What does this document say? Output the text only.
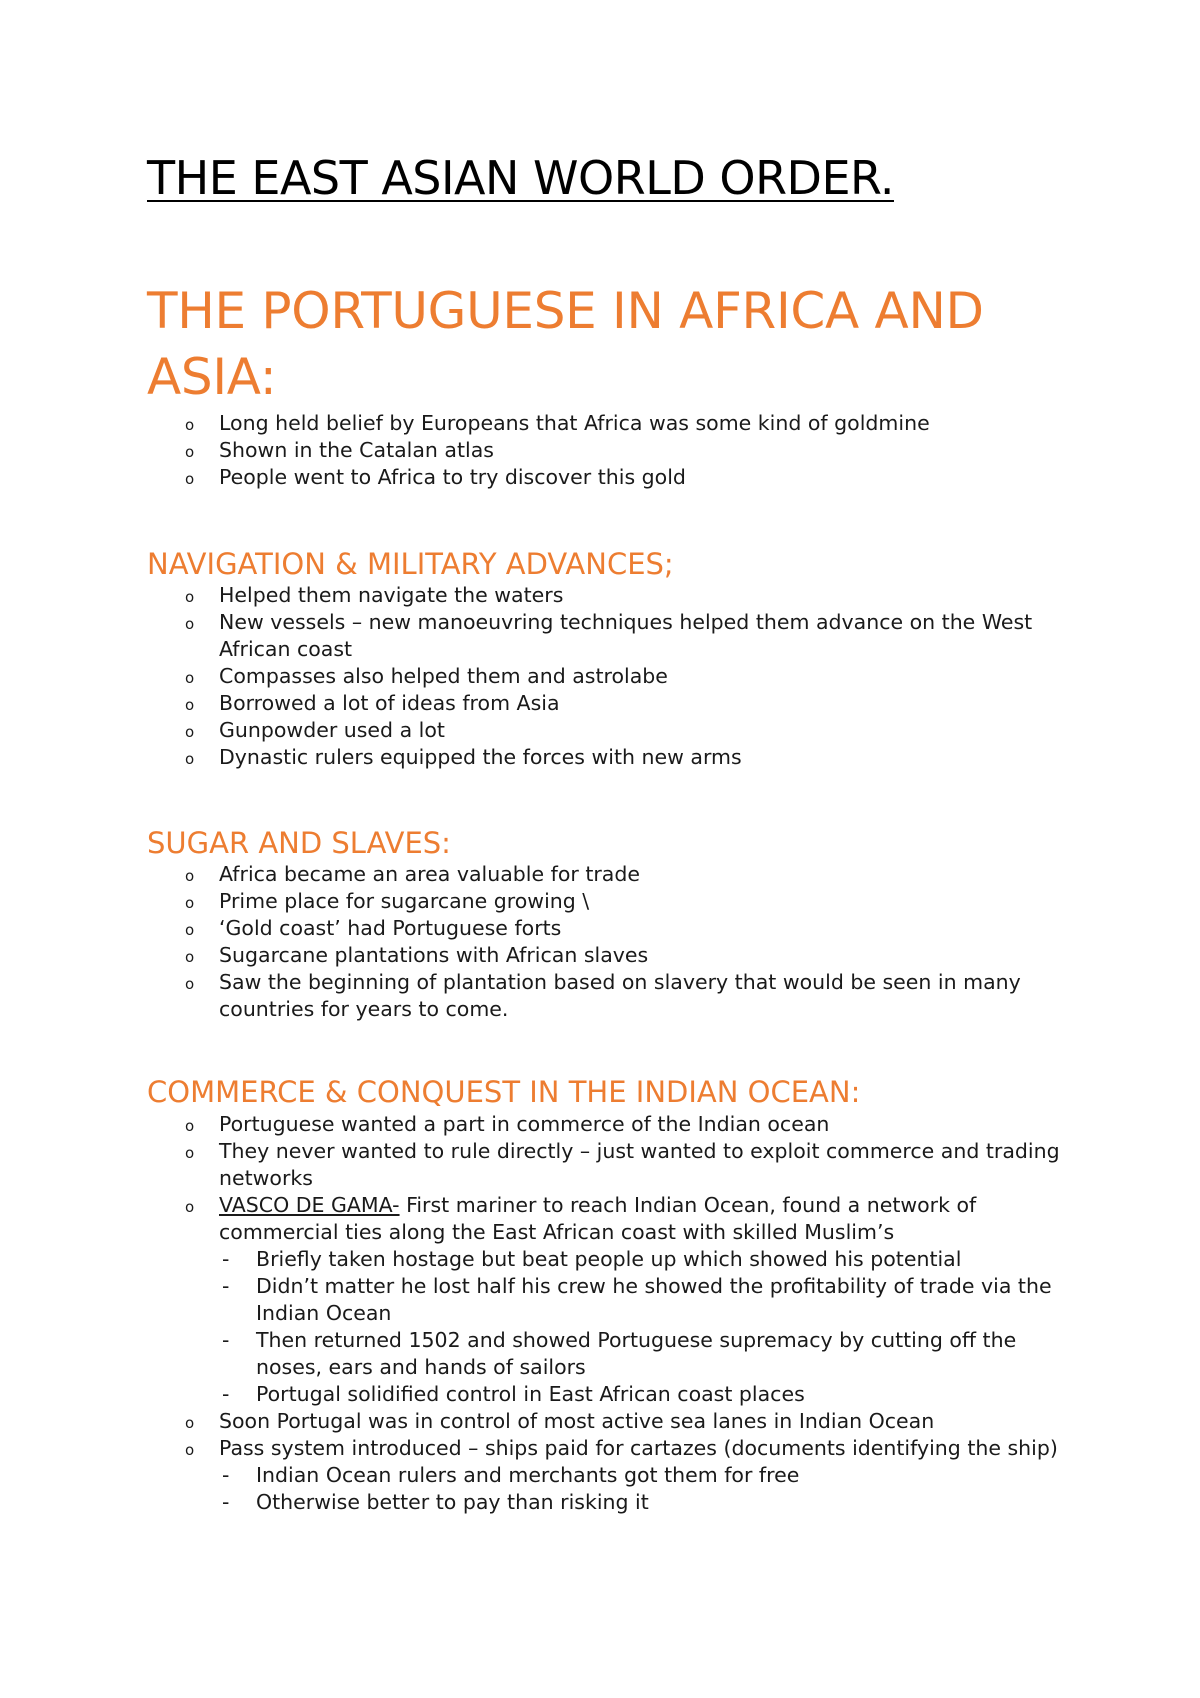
THE EAST ASIAN WORLD ORDER.
THE PORTUGUESE IN AFRICA AND ASIA:
o Long held belief by Europeans that Africa was some kind of goldmine
o Shown in the Catalan atlas
o People went to Africa to try discover this gold
NAVIGATION & MILITARY ADVANCES;
o Helped them navigate the waters
o New vessels – new manoeuvring techniques helped them advance on the West African coast
o Compasses also helped them and astrolabe
o Borrowed a lot of ideas from Asia
o Gunpowder used a lot
o Dynastic rulers equipped the forces with new arms
SUGAR AND SLAVES:
o Africa became an area valuable for trade
o Prime place for sugarcane growing \
o ‘Gold coast’ had Portuguese forts
o Sugarcane plantations with African slaves
o Saw the beginning of plantation based on slavery that would be seen in many countries for years to come.
COMMERCE & CONQUEST IN THE INDIAN OCEAN:
o Portuguese wanted a part in commerce of the Indian ocean
o They never wanted to rule directly – just wanted to exploit commerce and trading networks
o VASCO DE GAMA- First mariner to reach Indian Ocean, found a network of commercial ties along the East African coast with skilled Muslim’s
- Briefly taken hostage but beat people up which showed his potential
- Didn’t matter he lost half his crew he showed the profitability of trade via the Indian Ocean
- Then returned 1502 and showed Portuguese supremacy by cutting off the noses, ears and hands of sailors
- Portugal solidified control in East African coast places
o Soon Portugal was in control of most active sea lanes in Indian Ocean
o Pass system introduced – ships paid for cartazes (documents identifying the ship)
- Indian Ocean rulers and merchants got them for free
- Otherwise better to pay than risking it
